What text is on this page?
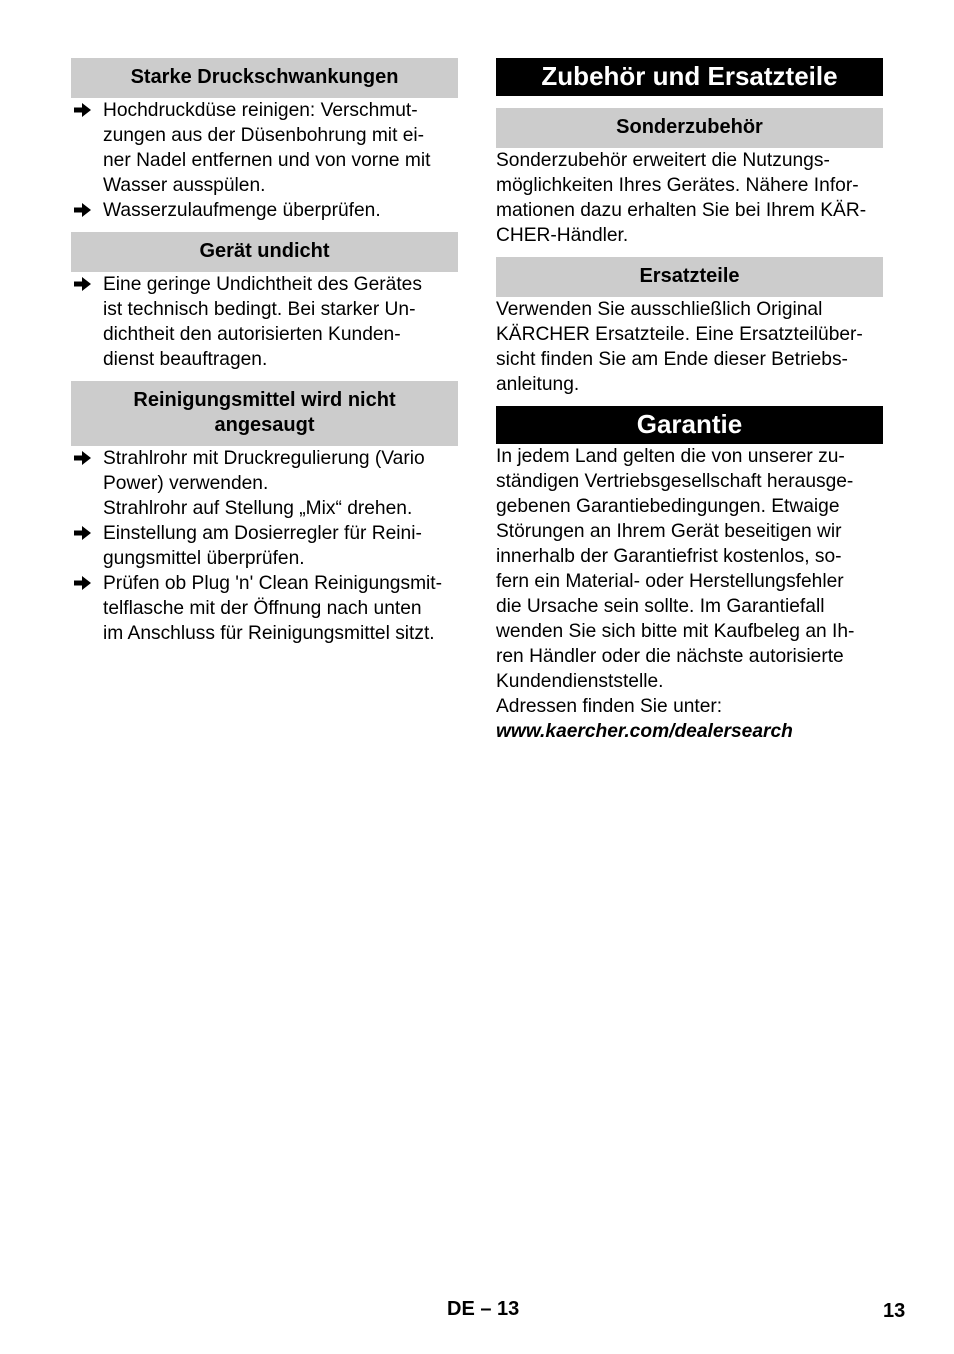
Starke Druckschwankungen
Hochdruckdüse reinigen: Verschmut-
zungen aus der Düsenbohrung mit ei-
ner Nadel entfernen und von vorne mit
Wasser ausspülen.
Wasserzulaufmenge überprüfen.
Gerät undicht
Eine geringe Undichtheit des Gerätes
ist technisch bedingt. Bei starker Un-
dichtheit den autorisierten Kunden-
dienst beauftragen.
Reinigungsmittel wird nicht
angesaugt
Strahlrohr mit Druckregulierung (Vario
Power) verwenden.
Strahlrohr auf Stellung „Mix“ drehen.
Einstellung am Dosierregler für Reini-
gungsmittel überprüfen.
Prüfen ob Plug 'n' Clean Reinigungsmit-
telflasche mit der Öffnung nach unten
im Anschluss für Reinigungsmittel sitzt.
Zubehör und Ersatzteile
Sonderzubehör

Sonderzubehör erweitert die Nutzungs-
möglichkeiten Ihres Gerätes. Nähere Infor-
mationen dazu erhalten Sie bei Ihrem KÄR-
CHER-Händler.

Ersatzteile

Verwenden Sie ausschließlich Original
KÄRCHER Ersatzteile. Eine Ersatzteilüber-
sicht finden Sie am Ende dieser Betriebs-
anleitung.

Garantie

In jedem Land gelten die von unserer zu-
ständigen Vertriebsgesellschaft herausge-
gebenen Garantiebedingungen. Etwaige
Störungen an Ihrem Gerät beseitigen wir
innerhalb der Garantiefrist kostenlos, so-
fern ein Material- oder Herstellungsfehler
die Ursache sein sollte. Im Garantiefall
wenden Sie sich bitte mit Kaufbeleg an Ih-
ren Händler oder die nächste autorisierte
Kundendienststelle.
Adressen finden Sie unter:
www.kaercher.com/dealersearch

DE – 13	13
